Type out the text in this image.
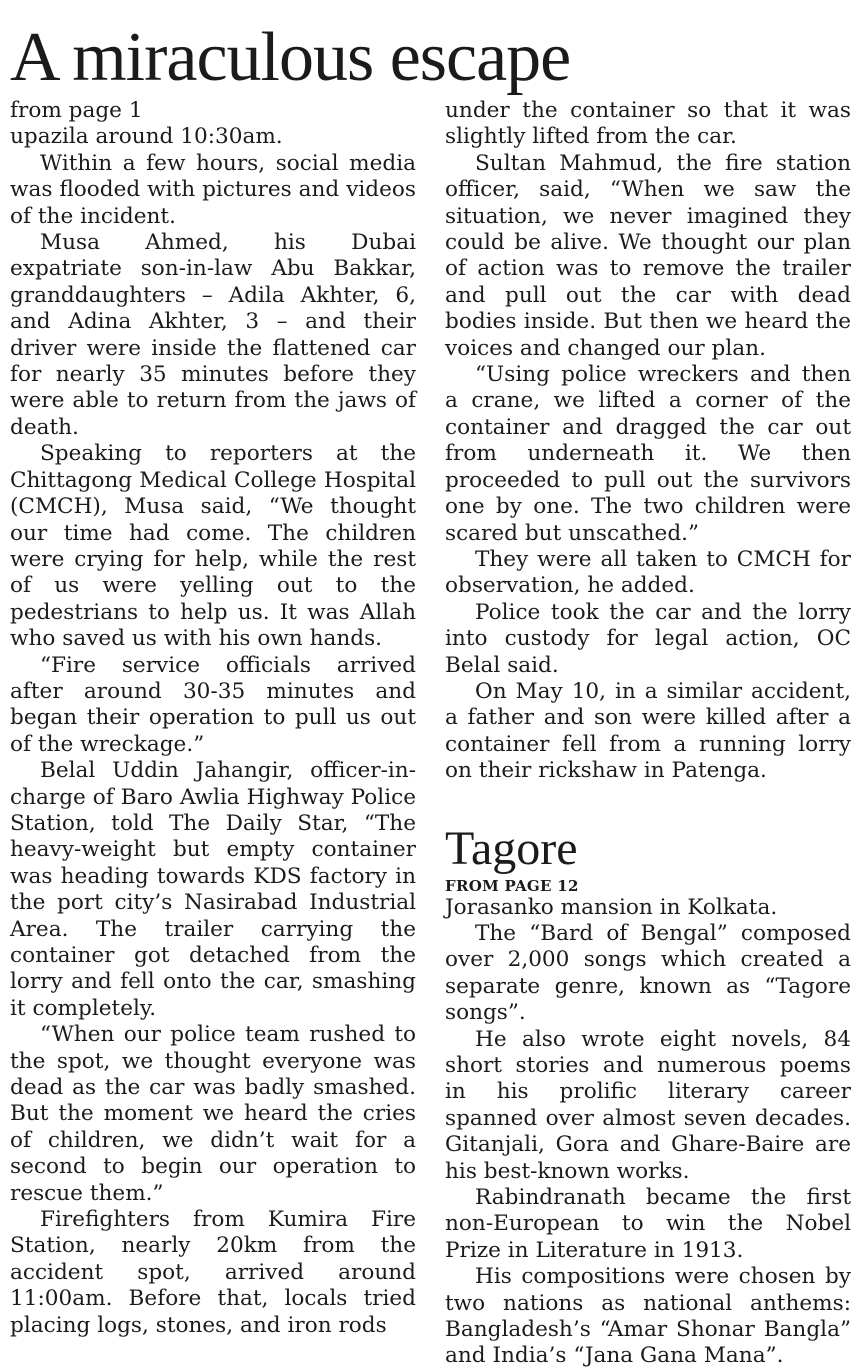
A miraculous escape

from page 1

upazila around 10:30am.

Within a few hours, social media was flooded with pictures and videos of the incident.

Musa Ahmed, his Dubai expatriate son-in-law Abu Bakkar, granddaughters – Adila Akhter, 6, and Adina Akhter, 3 – and their driver were inside the flattened car for nearly 35 minutes before they were able to return from the jaws of death.

Speaking to reporters at the Chittagong Medical College Hospital (CMCH), Musa said, “We thought our time had come. The children were crying for help, while the rest of us were yelling out to the pedestrians to help us. It was Allah who saved us with his own hands.

“Fire service officials arrived after around 30-35 minutes and began their operation to pull us out of the wreckage.”

Belal Uddin Jahangir, officer-in-charge of Baro Awlia Highway Police Station, told The Daily Star, “The heavy-weight but empty container was heading towards KDS factory in the port city’s Nasirabad Industrial Area. The trailer carrying the container got detached from the lorry and fell onto the car, smashing it completely.

“When our police team rushed to the spot, we thought everyone was dead as the car was badly smashed. But the moment we heard the cries of children, we didn’t wait for a second to begin our operation to rescue them.”

Firefighters from Kumira Fire Station, nearly 20km from the accident spot, arrived around 11:00am. Before that, locals tried placing logs, stones, and iron rods

under the container so that it was slightly lifted from the car.

Sultan Mahmud, the fire station officer, said, “When we saw the situation, we never imagined they could be alive. We thought our plan of action was to remove the trailer and pull out the car with dead bodies inside. But then we heard the voices and changed our plan.

“Using police wreckers and then a crane, we lifted a corner of the container and dragged the car out from underneath it. We then proceeded to pull out the survivors one by one. The two children were scared but unscathed.”

They were all taken to CMCH for observation, he added.

Police took the car and the lorry into custody for legal action, OC Belal said.

On May 10, in a similar accident, a father and son were killed after a container fell from a running lorry on their rickshaw in Patenga.

Tagore
FROM PAGE 12

Jorasanko mansion in Kolkata.

The “Bard of Bengal” composed over 2,000 songs which created a separate genre, known as “Tagore songs”.

He also wrote eight novels, 84 short stories and numerous poems in his prolific literary career spanned over almost seven decades. Gitanjali, Gora and Ghare-Baire are his best-known works.

Rabindranath became the first non-European to win the Nobel Prize in Literature in 1913.

His compositions were chosen by two nations as national anthems: Bangladesh’s “Amar Shonar Bangla” and India’s “Jana Gana Mana”.
